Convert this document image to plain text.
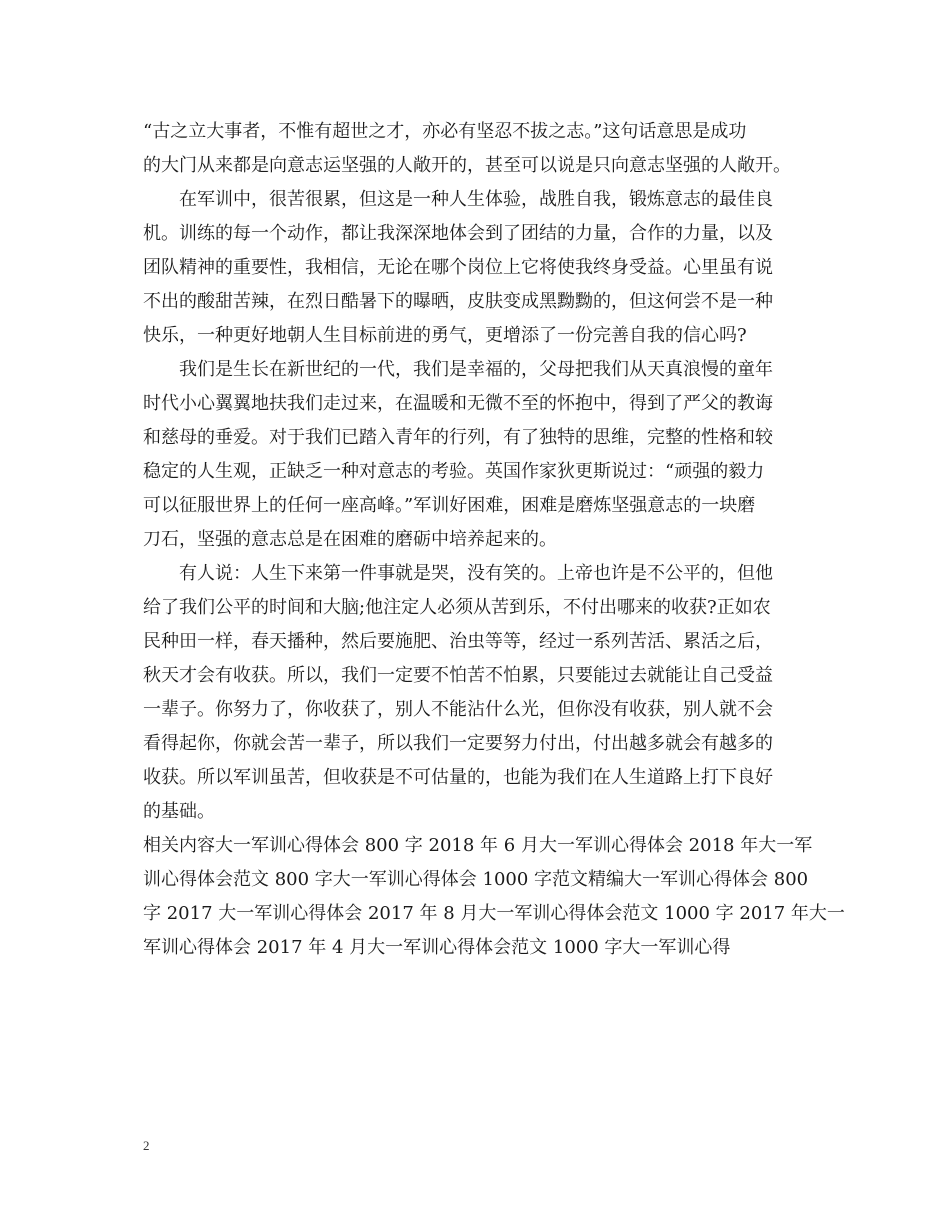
“古之立大事者，不惟有超世之才，亦必有坚忍不拔之志。”这句话意思是成功
的大门从来都是向意志运坚强的人敞开的，甚至可以说是只向意志坚强的人敞开。
　　在军训中，很苦很累，但这是一种人生体验，战胜自我，锻炼意志的最佳良
机。训练的每一个动作，都让我深深地体会到了团结的力量，合作的力量，以及
团队精神的重要性，我相信，无论在哪个岗位上它将使我终身受益。心里虽有说
不出的酸甜苦辣，在烈日酷暑下的曝晒，皮肤变成黑黝黝的，但这何尝不是一种
快乐，一种更好地朝人生目标前进的勇气，更增添了一份完善自我的信心吗?
　　我们是生长在新世纪的一代，我们是幸福的，父母把我们从天真浪慢的童年
时代小心翼翼地扶我们走过来，在温暖和无微不至的怀抱中，得到了严父的教诲
和慈母的垂爱。对于我们已踏入青年的行列，有了独特的思维，完整的性格和较
稳定的人生观，正缺乏一种对意志的考验。英国作家狄更斯说过：“顽强的毅力
可以征服世界上的任何一座高峰。”军训好困难，困难是磨炼坚强意志的一块磨
刀石，坚强的意志总是在困难的磨砺中培养起来的。
　　有人说：人生下来第一件事就是哭，没有笑的。上帝也许是不公平的，但他
给了我们公平的时间和大脑;他注定人必须从苦到乐，不付出哪来的收获?正如农
民种田一样，春天播种，然后要施肥、治虫等等，经过一系列苦活、累活之后，
秋天才会有收获。所以，我们一定要不怕苦不怕累，只要能过去就能让自己受益
一辈子。你努力了，你收获了，别人不能沾什么光，但你没有收获，别人就不会
看得起你，你就会苦一辈子，所以我们一定要努力付出，付出越多就会有越多的
收获。所以军训虽苦，但收获是不可估量的，也能为我们在人生道路上打下良好
的基础。
相关内容大一军训心得体会 800 字 2018 年 6 月大一军训心得体会 2018 年大一军
训心得体会范文 800 字大一军训心得体会 1000 字范文精编大一军训心得体会 800
字 2017 大一军训心得体会 2017 年 8 月大一军训心得体会范文 1000 字 2017 年大一
军训心得体会 2017 年 4 月大一军训心得体会范文 1000 字大一军训心得
2
